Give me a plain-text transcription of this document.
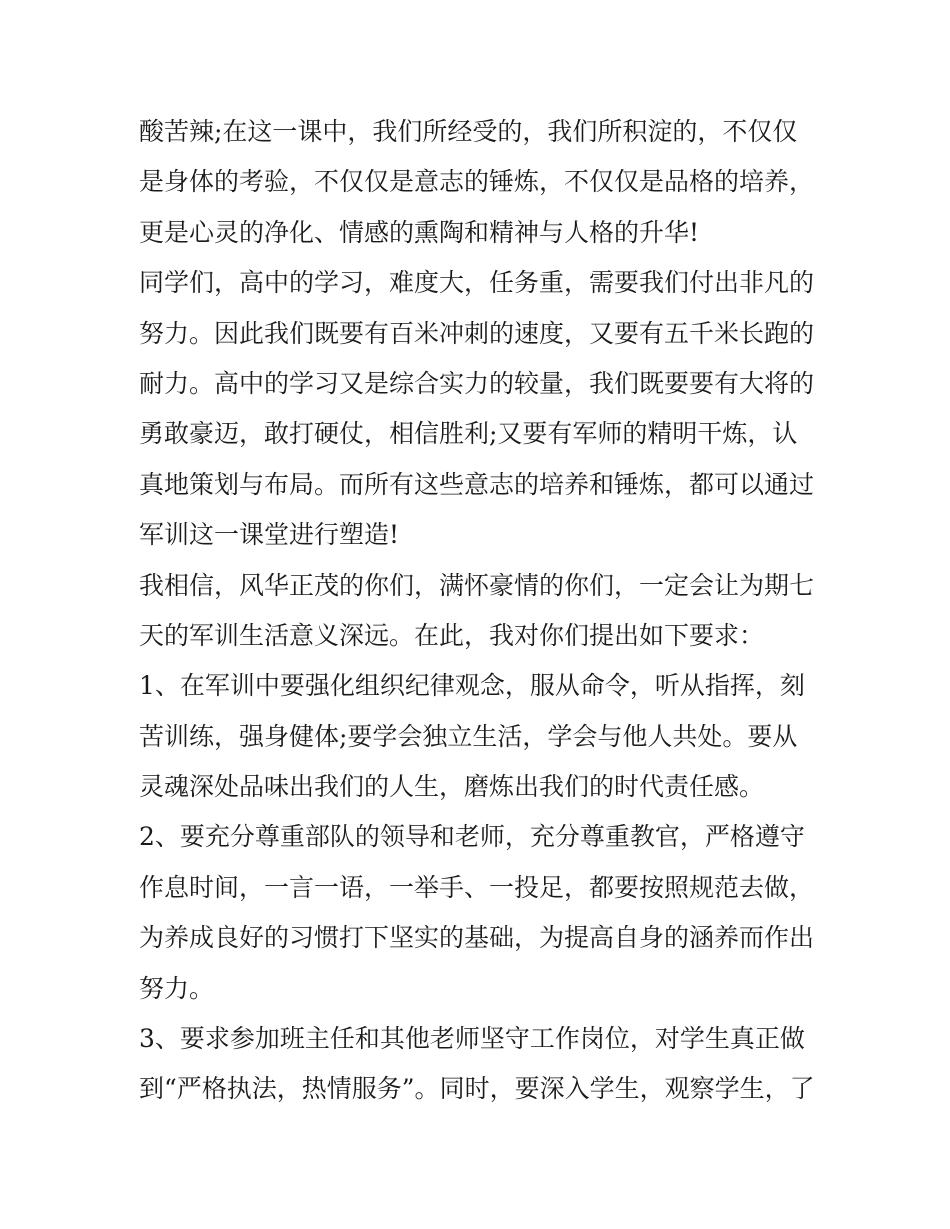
酸苦辣;在这一课中，我们所经受的，我们所积淀的，不仅仅
是身体的考验，不仅仅是意志的锤炼，不仅仅是品格的培养，
更是心灵的净化、情感的熏陶和精神与人格的升华!
同学们，高中的学习，难度大，任务重，需要我们付出非凡的
努力。因此我们既要有百米冲刺的速度，又要有五千米长跑的
耐力。高中的学习又是综合实力的较量，我们既要要有大将的
勇敢豪迈，敢打硬仗，相信胜利;又要有军师的精明干炼，认
真地策划与布局。而所有这些意志的培养和锤炼，都可以通过
军训这一课堂进行塑造!
我相信，风华正茂的你们，满怀豪情的你们，一定会让为期七
天的军训生活意义深远。在此，我对你们提出如下要求：
1、在军训中要强化组织纪律观念，服从命令，听从指挥，刻
苦训练，强身健体;要学会独立生活，学会与他人共处。要从
灵魂深处品味出我们的人生，磨炼出我们的时代责任感。
2、要充分尊重部队的领导和老师，充分尊重教官，严格遵守
作息时间，一言一语，一举手、一投足，都要按照规范去做，
为养成良好的习惯打下坚实的基础，为提高自身的涵养而作出
努力。
3、要求参加班主任和其他老师坚守工作岗位，对学生真正做
到“严格执法，热情服务”。同时，要深入学生，观察学生，了
